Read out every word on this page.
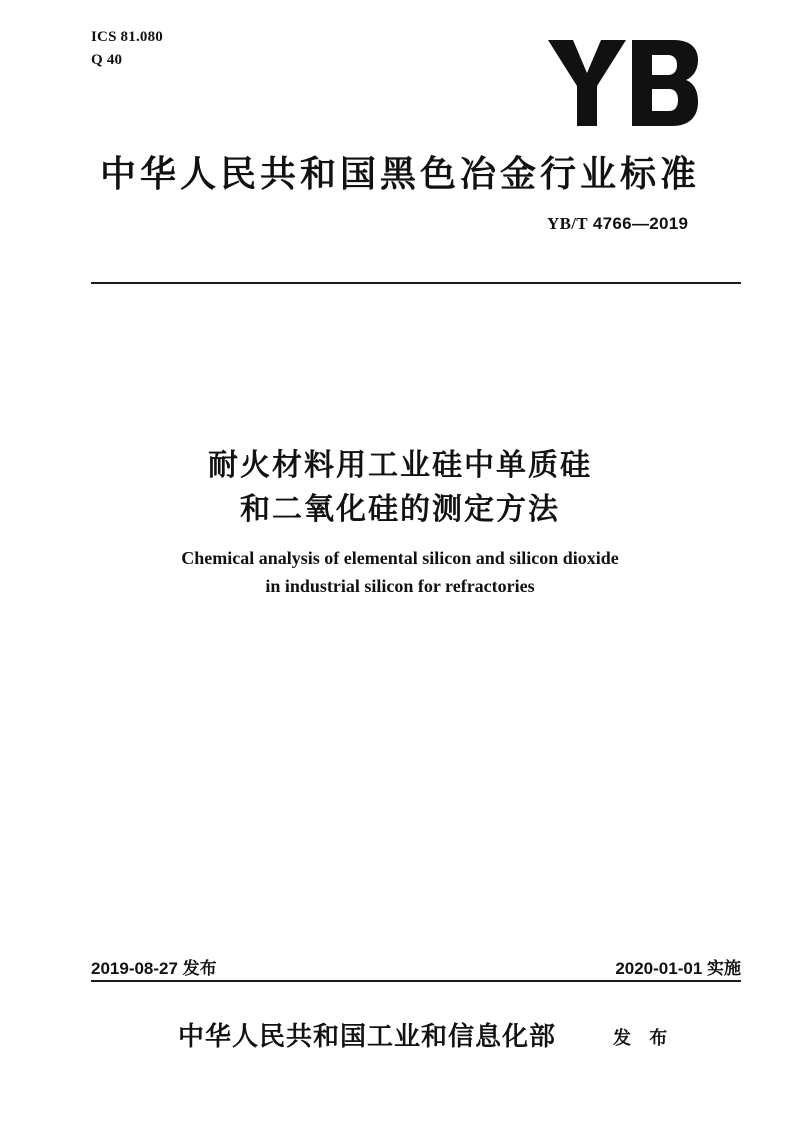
ICS 81.080
Q 40
中华人民共和国黑色冶金行业标准
YB/T 4766—2019
耐火材料用工业硅中单质硅
和二氧化硅的测定方法
Chemical analysis of elemental silicon and silicon dioxide
in industrial silicon for refractories
2019-08-27 发布	2020-01-01 实施
中华人民共和国工业和信息化部	发 布
